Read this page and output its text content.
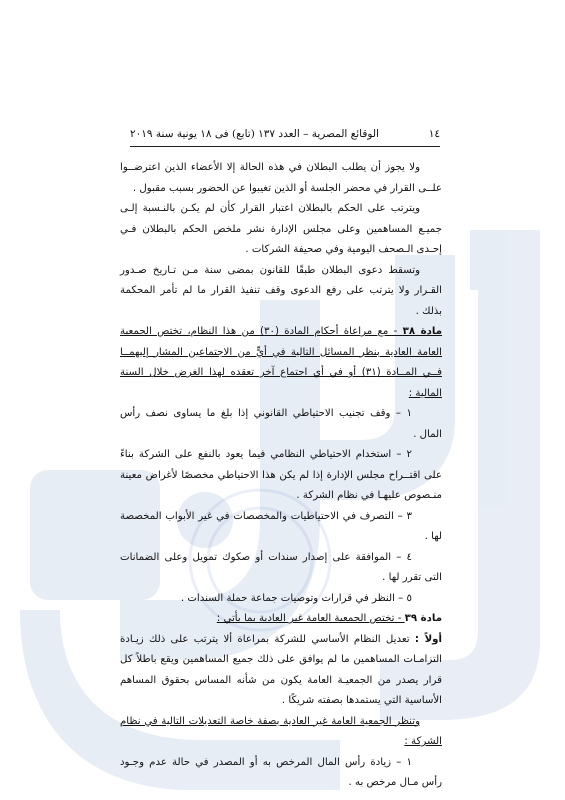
١٤
الوقائع المصرية – العدد ١٣٧ (تابع) فى ١٨ يونية سنة ٢٠١٩

ولا يجوز أن يطلب البطلان في هذه الحالة إلا الأعضاء الذين اعترضــوا علــى القرار في محضر الجلسة أو الذين تغيبوا عن الحضور بسبب مقبول .

ويترتب على الحكم بالبطلان اعتبار القرار كأن لم يكـن بالنـسبة إلـى جميـع المساهمين وعلى مجلس الإدارة نشر ملخص الحكم بالبطلان فـي إحـدى الـصحف اليومية وفي صحيفة الشركات .

وتسقط دعوى البطلان طبقًا للقانون بمضى سنة مـن تـاريخ صـدور القـرار ولا يترتب على رفع الدعوى وقف تنفيذ القرار ما لم تأمر المحكمة بذلك .

مادة ٣٨ - مع مراعاة أحكام المادة (٣٠) من هذا النظام، تختص الجمعية العامة العادية بنظر المسائل التالية في أيٍّ من الاجتماعين المشار إليهمــا فــي المــادة (٣١) أو في أي اجتماع آخر تعقده لهذا الغرض خلال السنة المالية :

١ – وقف تجنيب الاحتياطي القانوني إذا بلغ ما يساوى نصف رأس المال .

٢ – استخدام الاحتياطي النظامي فيما يعود بالنفع على الشركة بناءً على اقتــراح مجلس الإدارة إذا لم يكن هذا الاحتياطي مخصصًا لأغراض معينة منـصوص عليهـا في نظام الشركة .

٣ – التصرف في الاحتياطيات والمخصصات في غير الأبواب المخصصة لها .

٤ – الموافقة على إصدار سندات أو صكوك تمويل وعلى الضمانات التى تقرر لها .

٥ – النظر في قرارات وتوصيات جماعة حملة السندات .

مادة ٣٩ - تختص الجمعية العامة غير العادية بما يأتي :

أولاً : تعديل النظام الأساسي للشركة بمراعاة ألا يترتب على ذلك زيـادة التزامـات المساهمين ما لم يوافق على ذلك جميع المساهمين ويقع باطلاً كل قرار يصدر من الجمعيـة العامة يكون من شأنه المساس بحقوق المساهم الأساسية التي يستمدها بصفته شريكًا .

وتنظر الجمعية العامة غير العادية بصفة خاصة التعديلات التالية في نظام الشركة :

١ – زيادة رأس المال المرخص به أو المصدر في حالة عدم وجـود رأس مـال مرخص به .
